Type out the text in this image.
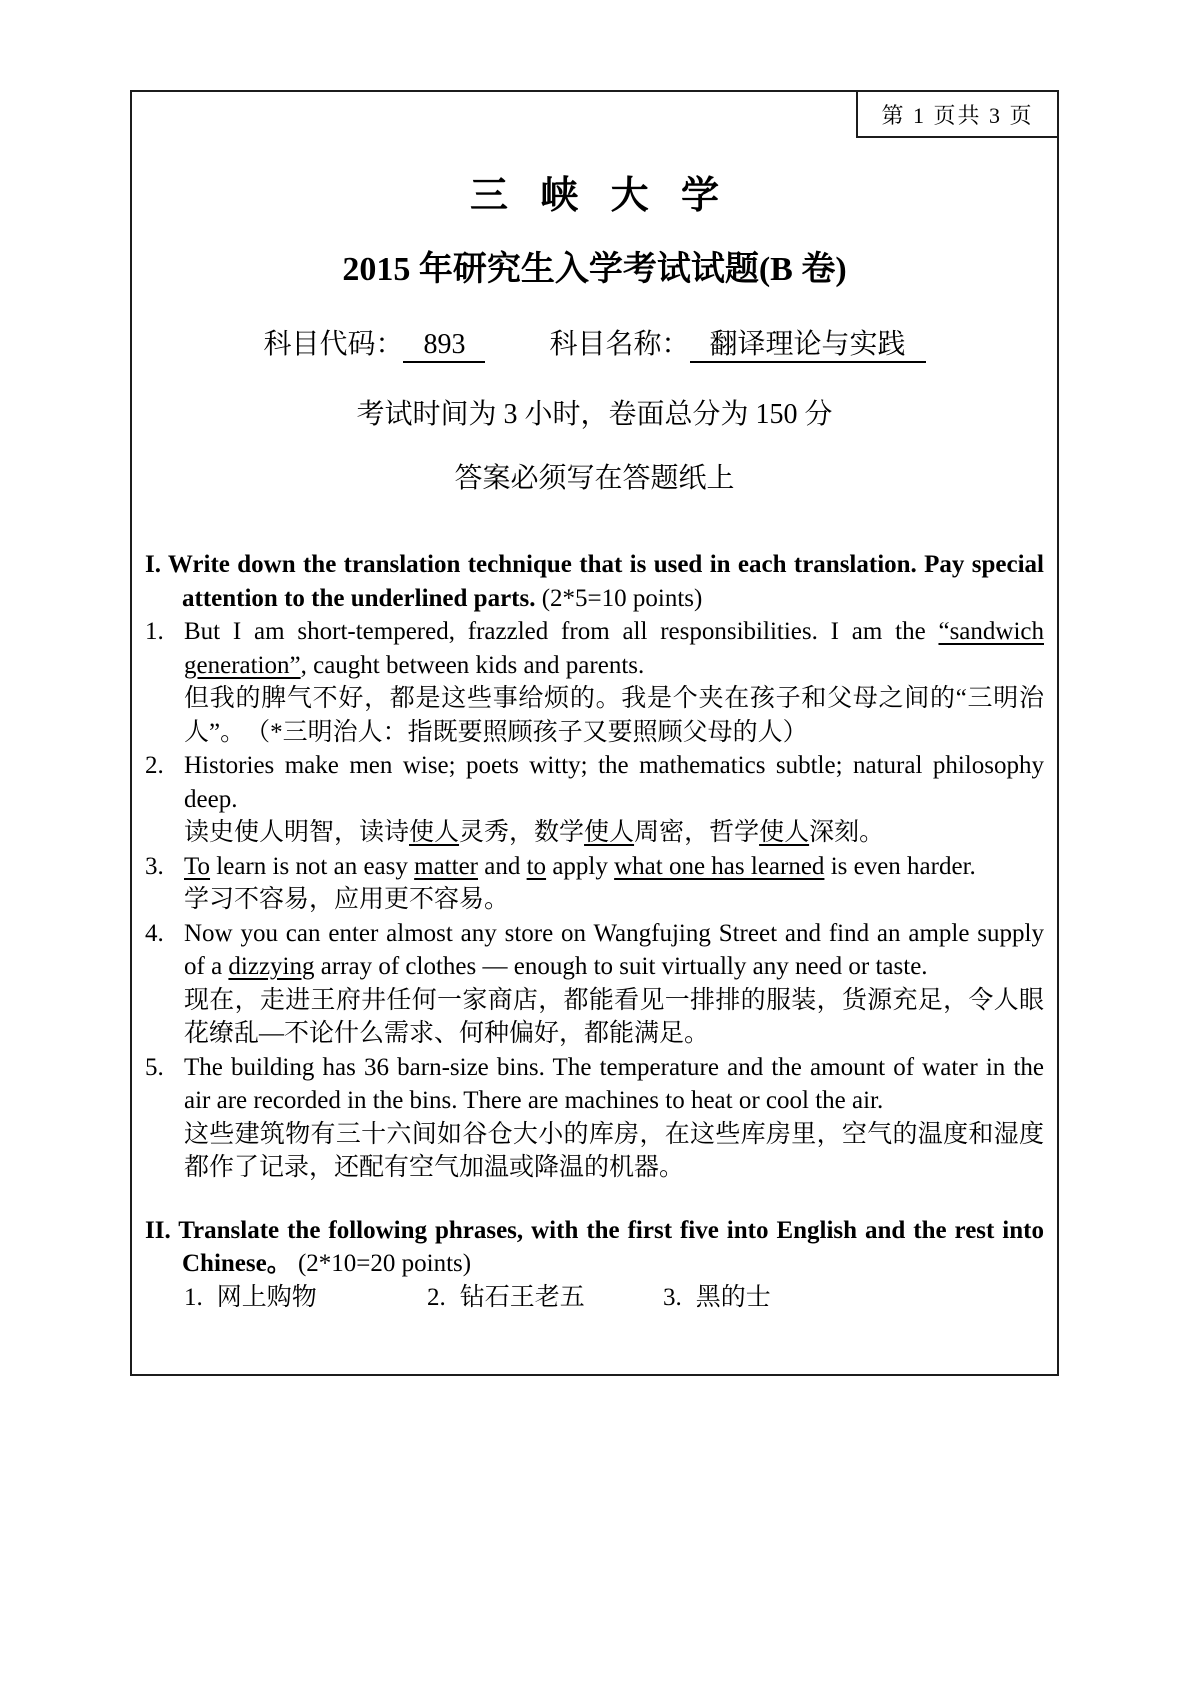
第 1 页共 3 页
三峡大学
2015 年研究生入学考试试题(B 卷)
科目代码： 893	科目名称： 翻译理论与实践
考试时间为 3 小时，卷面总分为 150 分
答案必须写在答题纸上

I. Write down the translation technique that is used in each translation. Pay special attention to the underlined parts. (2*5=10 points)

1. But I am short-tempered, frazzled from all responsibilities. I am the “sandwich generation”, caught between kids and parents.

但我的脾气不好，都是这些事给烦的。我是个夹在孩子和父母之间的“三明治人”。　（*三明治人：指既要照顾孩子又要照顾父母的人）

2. Histories make men wise; poets witty; the mathematics subtle; natural philosophy deep.

读史使人明智，读诗使人灵秀，数学使人周密，哲学使人深刻。

3. To learn is not an easy matter and to apply what one has learned is even harder.

学习不容易，应用更不容易。

4. Now you can enter almost any store on Wangfujing Street and find an ample supply of a dizzying array of clothes — enough to suit virtually any need or taste.

现在，走进王府井任何一家商店，都能看见一排排的服装，货源充足，令人眼花缭乱—不论什么需求、何种偏好，都能满足。

5. The building has 36 barn-size bins. The temperature and the amount of water in the air are recorded in the bins. There are machines to heat or cool the air.

这些建筑物有三十六间如谷仓大小的库房，在这些库房里，空气的温度和湿度都作了记录，还配有空气加温或降温的机器。

II. Translate the following phrases, with the first five into English and the rest into Chinese。 (2*10=20 points)

1. 网上购物	2. 钻石王老五	3. 黑的士
